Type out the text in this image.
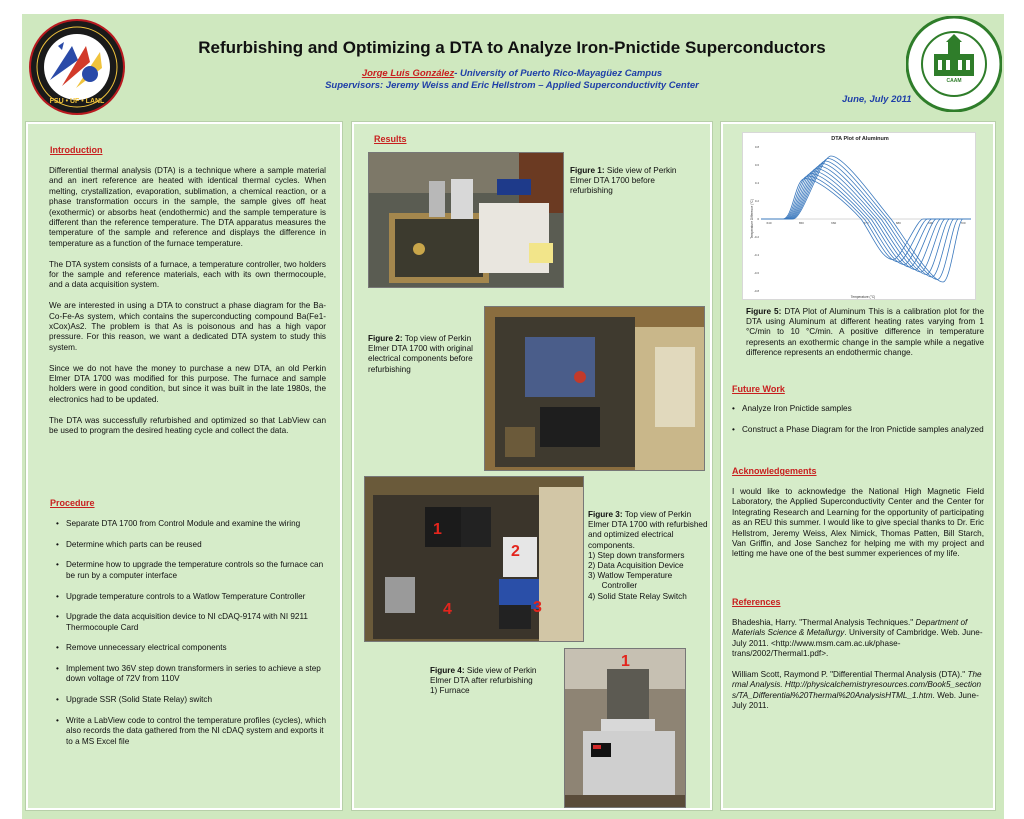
FSU • UF • LANL
CAAM
Refurbishing and Optimizing a DTA to Analyze Iron-Pnictide Superconductors
Jorge Luis González- University of Puerto Rico-Mayagüez Campus
Supervisors: Jeremy Weiss and Eric Hellstrom – Applied Superconductivity Center
June, July 2011
Introduction

Differential thermal analysis (DTA) is a technique where a sample material and an inert reference are heated with identical thermal cycles. When melting, crystallization, evaporation, sublimation, a chemical reaction, or a phase transformation occurs in the sample, the sample gives off heat (exothermic) or absorbs heat (endothermic) and the sample temperature is different than the reference temperature. The DTA apparatus measures the temperature of the sample and reference and displays the difference in temperature as a function of the furnace temperature.

The DTA system consists of a furnace, a temperature controller, two holders for the sample and reference materials, each with its own thermocouple, and a data acquisition system.

We are interested in using a DTA to construct a phase diagram for the Ba-Co-Fe-As system, which contains the superconducting compound Ba(Fe1-xCox)As2. The problem is that As is poisonous and has a high vapor pressure. For this reason, we want a dedicated DTA system to study this system.

Since we do not have the money to purchase a new DTA, an old Perkin Elmer DTA 1700 was modified for this purpose. The furnace and sample holders were in good condition, but since it was built in the late 1980s, the electronics had to be updated.

The DTA was successfully refurbished and optimized so that LabView can be used to program the desired heating cycle and collect the data.

Procedure
• Separate DTA 1700 from Control Module and examine the wiring
• Determine which parts can be reused
• Determine how to upgrade the temperature controls so the furnace can be run by a computer interface
• Upgrade temperature controls to a Watlow Temperature Controller
• Upgrade the data acquisition device to NI cDAQ-9174 with NI 9211 Thermocouple Card
• Remove unnecessary electrical components
• Implement two 36V step down transformers in series to achieve a step down voltage of 72V from 110V
• Upgrade SSR (Solid State Relay) switch
• Write a LabView code to control the temperature profiles (cycles), which also records the data gathered from the NI cDAQ system and exports it to a MS Excel file
Results
Figure 1: Side view of Perkin Elmer DTA 1700 before refurbishing
Figure 2: Top view of Perkin Elmer DTA 1700 with original electrical components before refurbishing
1
2
3
4
Figure 3: Top view of Perkin Elmer DTA 1700 with refurbished and optimized electrical components.
1) Step down transformers
2) Data Acquisition Device
3) Watlow Temperature
Controller
4) Solid State Relay Switch
1
Figure 4: Side view of Perkin Elmer DTA after refurbishing
1) Furnace
DTA Plot of Aluminum
Temperature Difference (°C)
Temperature (°C)
0.8
0.6
0.4
0.2
0
-0.2
-0.4
-0.6
-0.8
640	650	660	670	680	690	700
Figure 5: DTA Plot of Aluminum This is a calibration plot for the DTA using Aluminum at different heating rates varying from 1 °C/min to 10 °C/min. A positive difference in temperature represents an exothermic change in the sample while a negative difference represents an endothermic change.
Future Work
• Analyze Iron Pnictide samples
• Construct a Phase Diagram for the Iron Pnictide samples analyzed
Acknowledgements
I would like to acknowledge the National High Magnetic Field Laboratory, the Applied Superconductivity Center and the Center for Integrating Research and Learning for the opportunity of participating as an REU this summer. I would like to give special thanks to Dr. Eric Hellstrom, Jeremy Weiss, Alex Nimick, Thomas Patten, Bill Starch, Van Griffin, and Jose Sanchez for helping me with my project and letting me have one of the best summer experiences of my life.
References

Bhadeshia, Harry. "Thermal Analysis Techniques." Department of Materials Science & Metallurgy. University of Cambridge. Web. June-July 2011. <http://www.msm.cam.ac.uk/phase-trans/2002/Thermal1.pdf>.

William Scott, Raymond P. "Differential Thermal Analysis (DTA)." Thermal Analysis. Http://physicalchemistryresources.com/Book5_sections/TA_Differential%20Thermal%20AnalysisHTML_1.htm. Web. June-July 2011.
